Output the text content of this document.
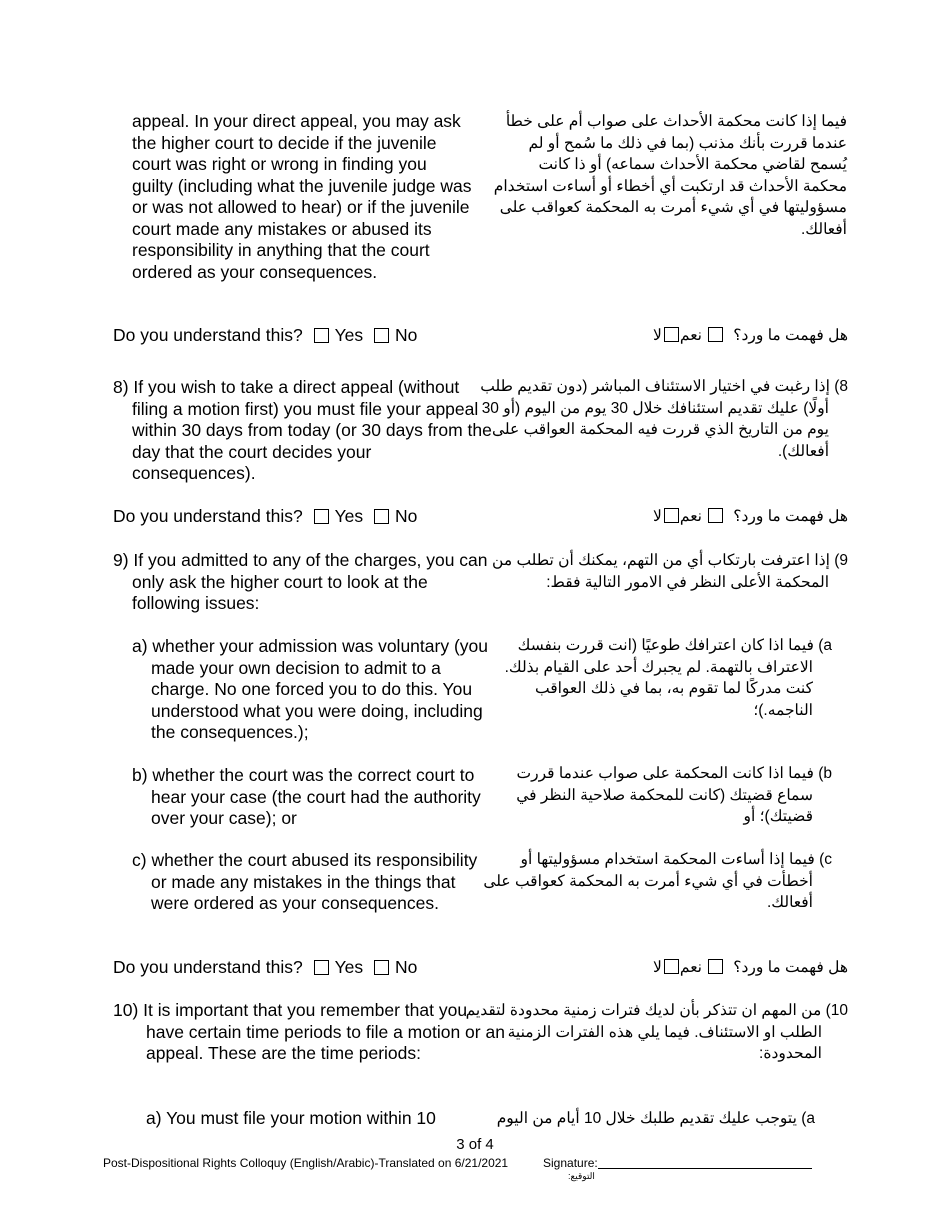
appeal. In your direct appeal, you may ask the higher court to decide if the juvenile court was right or wrong in finding you guilty (including what the juvenile judge was or was not allowed to hear) or if the juvenile court made any mistakes or abused its responsibility in anything that the court ordered as your consequences.
فيما إذا كانت محكمة الأحداث على صواب أم على خطأ عندما قررت بأنك مذنب (بما في ذلك ما سُمح أو لم يُسمح لقاضي محكمة الأحداث سماعه) أو ذا كانت محكمة الأحداث قد ارتكبت أي أخطاء أو أساءت استخدام مسؤوليتها في أي شيء أمرت به المحكمة كعواقب على أفعالك.
Do you understand this? Yes No	هل فهمت ما ورد؟ نعملا
8) If you wish to take a direct appeal (without filing a motion first) you must file your appeal within 30 days from today (or 30 days from the day that the court decides your consequences).
8) إذا رغبت في اختيار الاستئناف المباشر (دون تقديم طلب أولًا) عليك تقديم استئنافك خلال 30 يوم من اليوم (أو 30 يوم من التاريخ الذي قررت فيه المحكمة العواقب على أفعالك).
Do you understand this? Yes No	هل فهمت ما ورد؟ نعملا
9) If you admitted to any of the charges, you can only ask the higher court to look at the following issues:
9) إذا اعترفت بارتكاب أي من التهم، يمكنك أن تطلب من المحكمة الأعلى النظر في الامور التالية فقط:
a) whether your admission was voluntary (you made your own decision to admit to a charge. No one forced you to do this. You understood what you were doing, including the consequences.);
a) فيما اذا كان اعترافك طوعيًا (انت قررت بنفسك الاعتراف بالتهمة. لم يجبرك أحد على القيام بذلك. كنت مدركًا لما تقوم به، بما في ذلك العواقب الناجمه.)؛
b) whether the court was the correct court to hear your case (the court had the authority over your case); or
b) فيما اذا كانت المحكمة على صواب عندما قررت سماع قضيتك (كانت للمحكمة صلاحية النظر في قضيتك)؛ أو
c) whether the court abused its responsibility or made any mistakes in the things that were ordered as your consequences.
c) فيما إذا أساءت المحكمة استخدام مسؤوليتها أو أخطأت في أي شيء أمرت به المحكمة كعواقب على أفعالك.
Do you understand this? Yes No	هل فهمت ما ورد؟ نعملا
10) It is important that you remember that you have certain time periods to file a motion or an appeal. These are the time periods:
10) من المهم ان تتذكر بأن لديك فترات زمنية محدودة لتقديم الطلب او الاستئناف. فيما يلي هذه الفترات الزمنية المحدودة:
a) You must file your motion within 10	a) يتوجب عليك تقديم طلبك خلال 10 أيام من اليوم
3 of 4
Post-Dispositional Rights Colloquy (English/Arabic)-Translated on 6/21/2021	Signature:
التوقيع:
